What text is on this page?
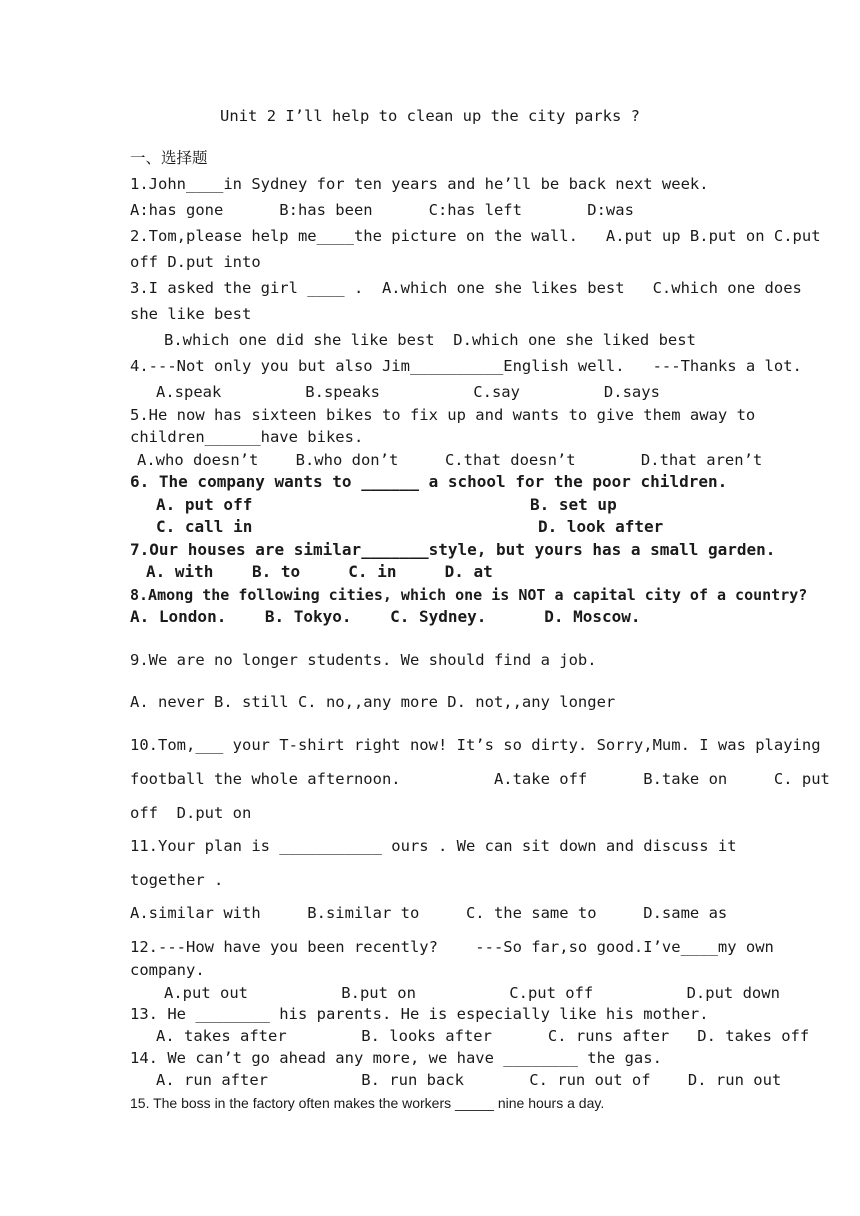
Unit 2 I’ll help to clean up the city parks ?
一、选择题
1.John____in Sydney for ten years and he’ll be back next week.
A:has gone      B:has been      C:has left       D:was
2.Tom,please help me____the picture on the wall.   A.put up B.put on C.put
off D.put into
3.I asked the girl ____ .  A.which one she likes best   C.which one does
she like best
B.which one did she like best  D.which one she liked best
4.---Not only you but also Jim__________English well.   ---Thanks a lot.
A.speak         B.speaks          C.say         D.says
5.He now has sixteen bikes to fix up and wants to give them away to
children______have bikes.
A.who doesn’t    B.who don’t     C.that doesn’t       D.that aren’t
6. The company wants to ______ a school for the poor children.
A. put off	B. set up
C. call in	D. look after
7.Our houses are similar_______style, but yours has a small garden.
A. with    B. to     C. in     D. at
8.Among the following cities, which one is NOT a capital city of a country?
A. London.    B. Tokyo.    C. Sydney.      D. Moscow.
9.We are no longer students. We should find a job.
A. never B. still C. no,,any more D. not,,any longer
10.Tom,___ your T-shirt right now! It’s so dirty. Sorry,Mum. I was playing
football the whole afternoon.          A.take off      B.take on     C. put
off  D.put on
11.Your plan is ___________ ours . We can sit down and discuss it
together .
A.similar with     B.similar to     C. the same to     D.same as
12.---How have you been recently?    ---So far,so good.I’ve____my own
company.
A.put out          B.put on          C.put off          D.put down
13. He ________ his parents. He is especially like his mother.
A. takes after        B. looks after      C. runs after   D. takes off
14. We can’t go ahead any more, we have ________ the gas.
A. run after          B. run back       C. run out of    D. run out
15. The boss in the factory often makes the workers _____ nine hours a day.
